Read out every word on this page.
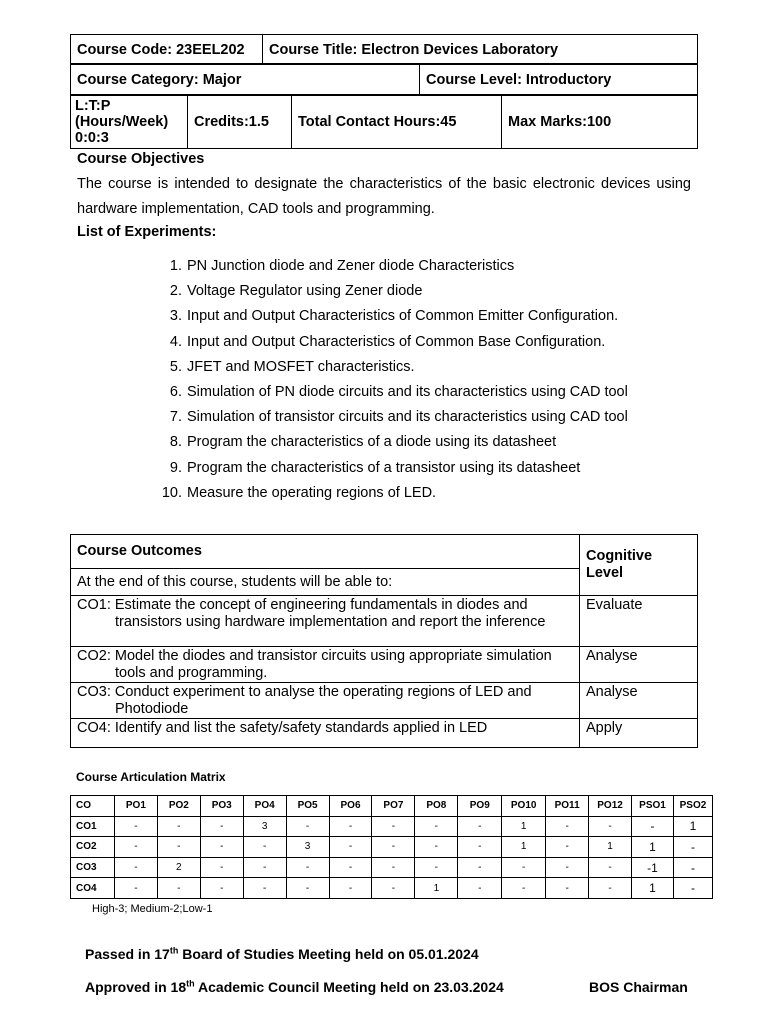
Course Code: 23EEL202	Course Title: Electron Devices Laboratory
Course Category: Major	Course Level: Introductory
L:T:P
(Hours/Week)
0:0:3
	Credits:1.5	Total Contact Hours:45	Max Marks:100
Course Objectives
The course is intended to designate the characteristics of the basic electronic devices using hardware implementation, CAD tools and programming.
List of Experiments:
1. PN Junction diode and Zener diode Characteristics
2. Voltage Regulator using Zener diode
3. Input and Output Characteristics of Common Emitter Configuration.
4. Input and Output Characteristics of Common Base Configuration.
5. JFET and MOSFET characteristics.
6. Simulation of PN diode circuits and its characteristics using CAD tool
7. Simulation of transistor circuits and its characteristics using CAD tool
8. Program the characteristics of a diode using its datasheet
9. Program the characteristics of a transistor using its datasheet
10. Measure the operating regions of LED.
Course Outcomes	Cognitive Level
At the end of this course, students will be able to:	

CO1: Estimate the concept of engineering fundamentals in diodes and transistors using hardware implementation and report the inference	Evaluate

CO2: Model the diodes and transistor circuits using appropriate simulation tools and programming.	Analyse

CO3: Conduct experiment to analyse the operating regions of LED and Photodiode	Analyse

CO4: Identify and list the safety/safety standards applied in LED	Apply
Course Articulation Matrix
CO	PO1	PO2	PO3	PO4	PO5	PO6	PO7	PO8	PO9	PO10	PO11	PO12	PSO1	PSO2
CO1	-	-	-	3	-	-	-	-	-	1	-	-	-	1
CO2	-	-	-	-	3	-	-	-	-	1	-	1	1	-
CO3	-	2	-	-	-	-	-	-	-	-	-	-	-1	-
CO4	-	-	-	-	-	-	-	1	-	-	-	-	1	-
High-3; Medium-2;Low-1
Passed in 17th Board of Studies Meeting held on 05.01.2024
Approved in 18th Academic Council Meeting held on 23.03.2024	BOS Chairman
